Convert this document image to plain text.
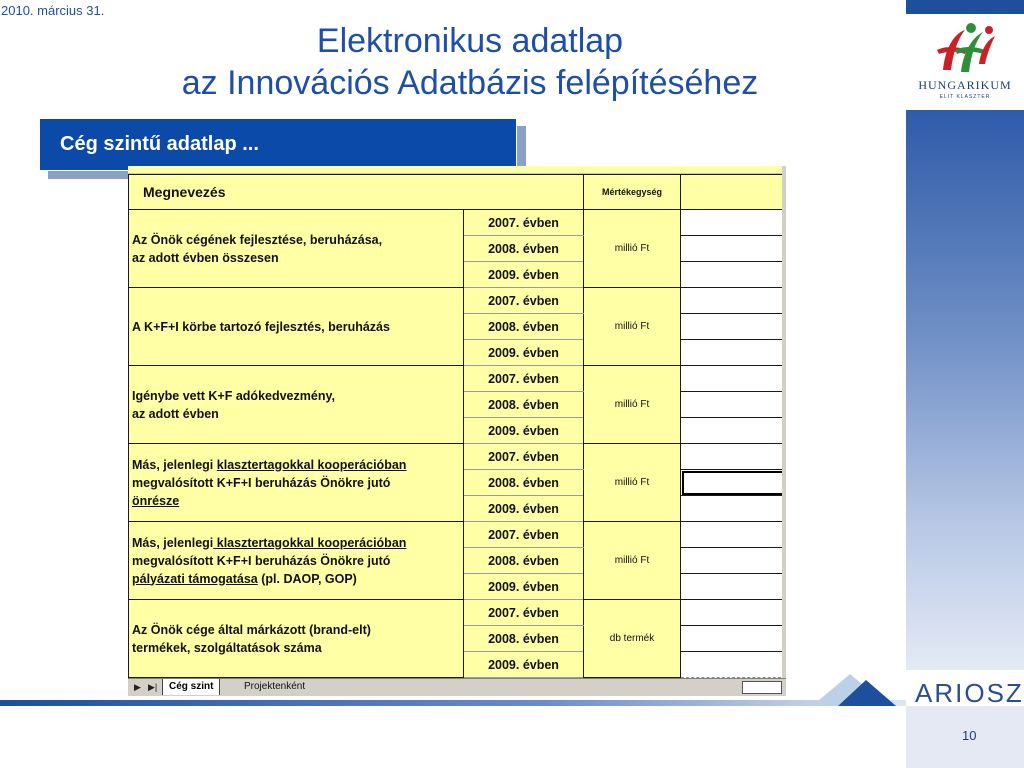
HUNGARIKUM
ELIT KLASZTER
2010. március 31.
Elektronikus adatlap
az Innovációs Adatbázis felépítéséhez
Cég szintű adatlap ...
Megnevezés		Mértékegység	
Az Önök cégének fejlesztése, beruházása,
az adott évben összesen	2007. évben	millió Ft	
	2008. évben		
	2009. évben		
A K+F+I körbe tartozó fejlesztés, beruházás	2007. évben	millió Ft	
	2008. évben		
	2009. évben		
Igénybe vett K+F adókedvezmény,
az adott évben	2007. évben	millió Ft	
	2008. évben		
	2009. évben		
Más, jelenlegi klasztertagokkal kooperációban
megvalósított K+F+I beruházás Önökre jutó
önrésze	2007. évben	millió Ft	
	2008. évben		
	2009. évben		
Más, jelenlegi klasztertagokkal kooperációban
megvalósított K+F+I beruházás Önökre jutó
pályázati támogatása (pl. DAOP, GOP)	2007. évben	millió Ft	
	2008. évben		
	2009. évben		
Az Önök cége által márkázott (brand-elt)
termékek, szolgáltatások száma	2007. évben	db termék	
	2008. évben		
	2009. évben		
▶ ▶|	Cég szint	Projektenként	ARIOSZ
10
